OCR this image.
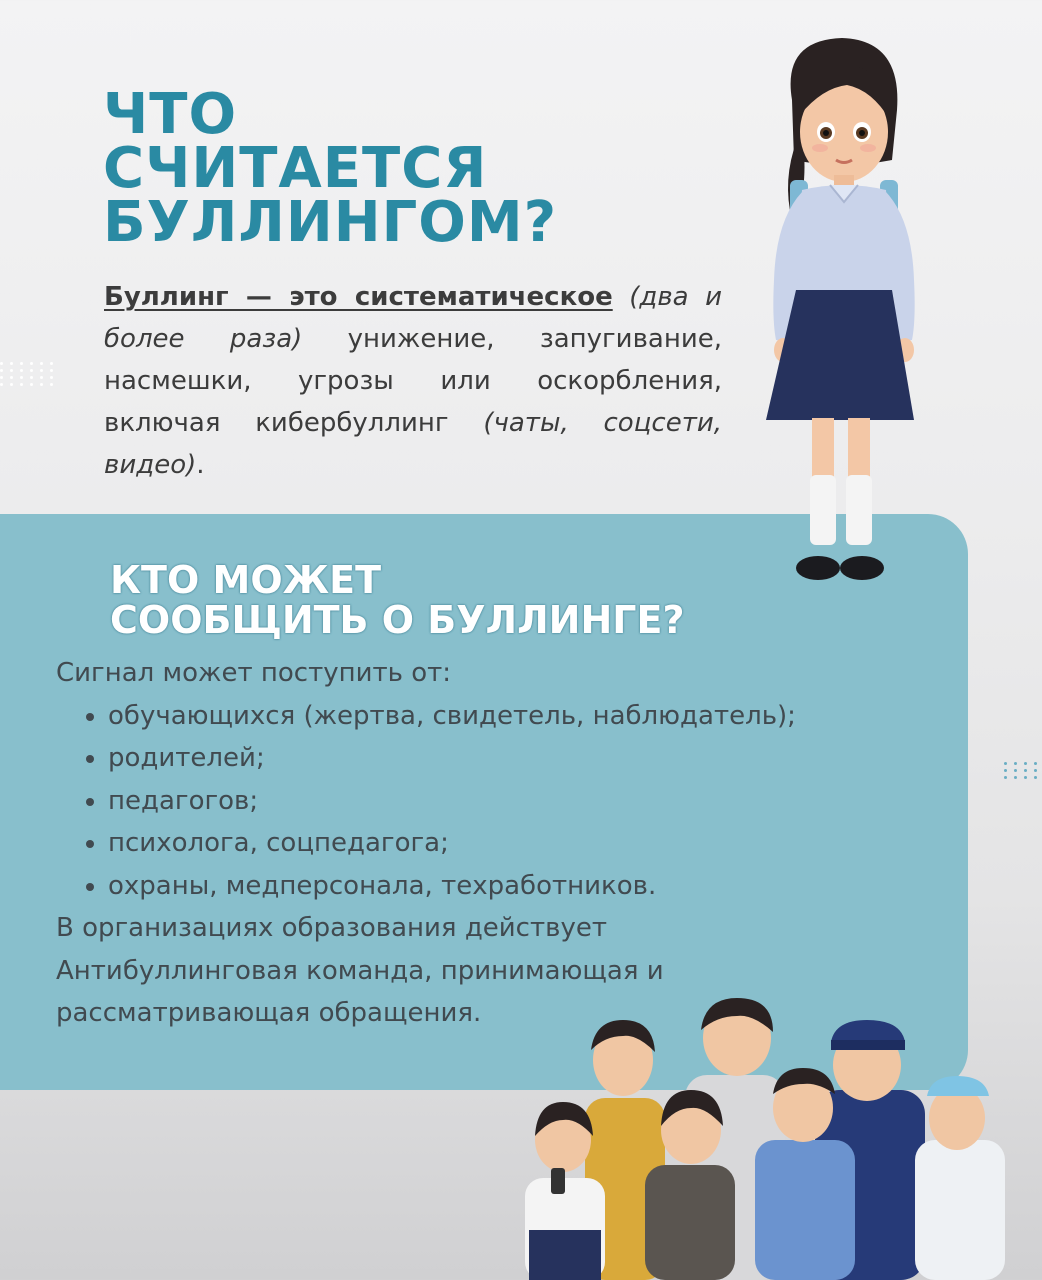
ЧТО
СЧИТАЕТСЯ
БУЛЛИНГОМ?
Буллинг — это систематическое (два и более раза) унижение, запугивание, насмешки, угрозы или оскорбления, включая кибербуллинг (чаты, соцсети, видео).
КТО МОЖЕТ
СООБЩИТЬ О БУЛЛИНГЕ?

Сигнал может поступить от:

• обучающихся (жертва, свидетель, наблюдатель);
• родителей;
• педагогов;
• психолога, соцпедагога;
• охраны, медперсонала, техработников.

В организациях образования действует Антибуллинговая команда, принимающая и рассматривающая обращения.
